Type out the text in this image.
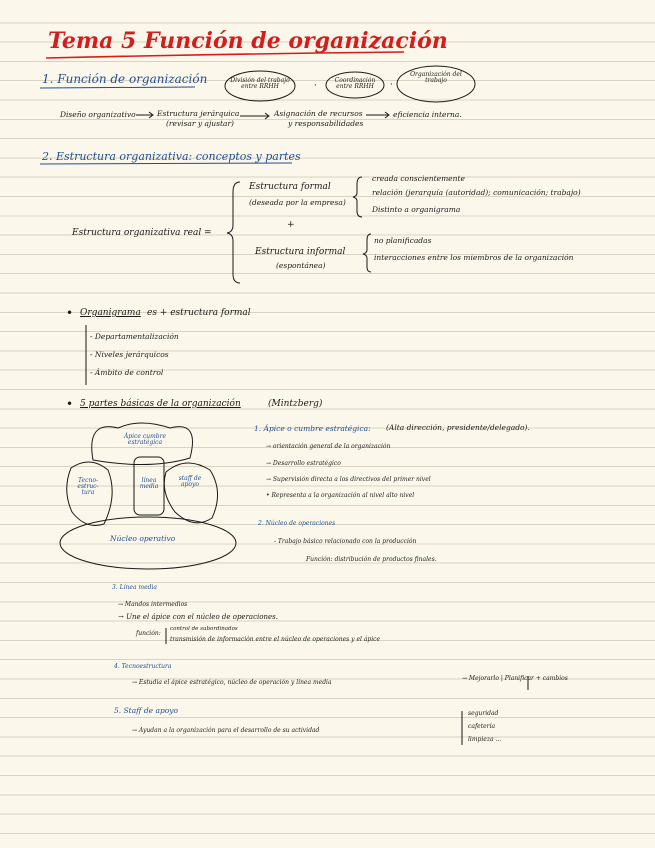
·	·
Tema 5 Función de organización
1. Función de organización	División del trabajo entre RRHH
Coordinación entre RRHH
Organización del trabajo
Diseño organizativo	Estructura jerárquica
(revisar y ajustar)
Asignación de recursos
y responsabilidades
eficiencia interna.
2. Estructura organizativa: conceptos y partes
Estructura organizativa real =
Estructura formal
(deseada por la empresa)
+
creada conscientemente
relación (jerarquía (autoridad); comunicación; trabajo)
Distinto a organigrama
Estructura informal
(espontánea)
no planificadas
interacciones entre los miembros de la organización
• Organigrama es + estructura formal
- Departamentalización
- Niveles jerárquicos
- Ámbito de control
• 5 partes básicas de la organización	(Mintzberg)
Ápice cumbre estratégica
Tecno-estruc-tura
línea media
staff de apoyo
Núcleo operativo
1. Ápice o cumbre estratégica: (Alta dirección, presidente/delegado).
→ orientación general de la organización
→ Desarrollo estratégico
→ Supervisión directa a los directivos del primer nivel
• Representa a la organización al nivel alto nivel
2. Núcleo de operaciones
- Trabajo básico relacionado con la producción
Función: distribución de productos finales.
3. Línea media
→ Mandos intermedios
→ Une el ápice con el núcleo de operaciones.
función:
control de subordinados
transmisión de información entre el núcleo de operaciones y el ápice
4. Tecnoestructura
→ Estudia el ápice estratégico, núcleo de operación y línea media
→ Mejorarlo | Planificar + cambios
5. Staff de apoyo
→ Ayudan a la organización para el desarrollo de su actividad
seguridad
cafetería
limpieza ...
